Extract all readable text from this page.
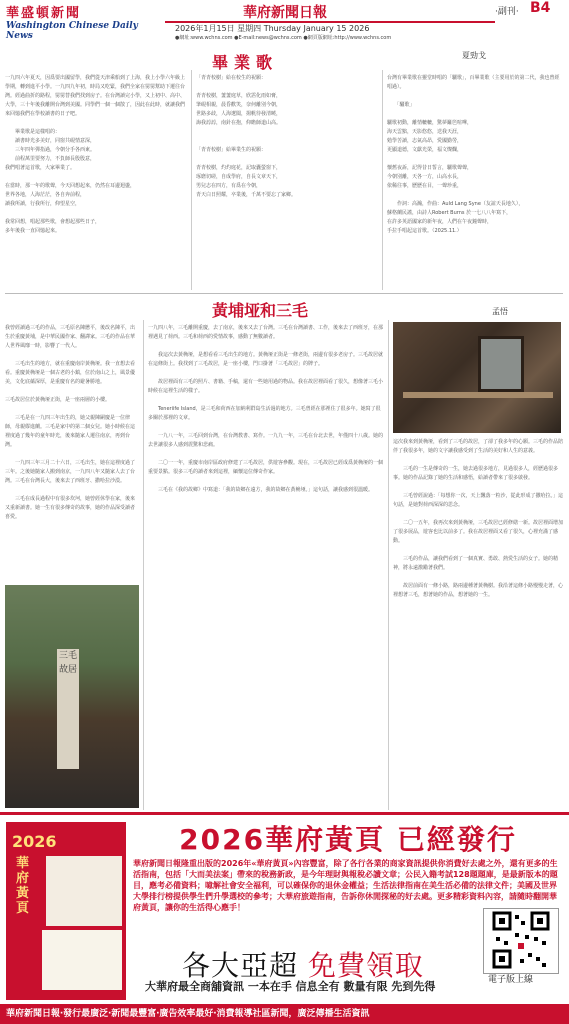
華盛頓新聞
Washington Chinese Daily News
華府新聞日報
2026年1月15日 星期四 Thursday January 15 2026
●網址:www.wchns.com ●E-mail:news@wchns.com ●網頁版網址:http://www.wchns.com
‧副刊‧ B4
畢業歌	夏勁戈
一九四六年夏天，因爲要出國留學，我們從天津乘船到了上海，我上小學六年級上學期，轉到進平小學。一九四九年初，時局又吃緊，我們全家在舅舅幫助下遷往台灣。經過曲折的路程，舅舅替我們找到房子。在台灣讀完小學，又上初中、高中、大學，三十年後我離開台灣到美國。同學們一個一個散了，因此在此時，就讓我們來回憶我們在學校讀書的日子吧。

　　畢業歌是這樣唱的：
　　讀書時光多美好，同窗共硯情意深，
　　三年四年彈指過，今朝分手各西東。
　　前程萬里要努力，不負師長殷殷意，
我們唱著這首歌，大家畢業了。

在當時，那一年的歌聲，今天回想起來，仍然在耳邊迴盪，
世界各地，人海茫茫，各自奔前程，
讀我所讀，行我所行，仰望星空，

我常回想，唱起那些歌，會想起那些日子，
多年後我一直回憶起來。
「青青校樹」給在校生的祝願：

青青校樹，萋萋庭草，欣霑化雨如膏，
筆硯相親，晨昏歡笑，奈何離別今朝，
世路多歧，人海遼闊，揚帆待發清曉，
誨我諄諄，南針在抱，仰瞻師道山高。

「青青校樹」給畢業生的祝願：

青青校樹，灼灼庭花，記取囊螢窗下，
琢磨切磋，自成學府，自長文章天下，
男兒志在四方，有爲在今朝，
青天白日照耀，卒業後，千萬不要忘了家鄉。
台灣有畢業歌在靈堂時唱的「驪歌」，百畢業歌（主要用於的第二代，我也曾經唱過）。

　　「驪歌」

驪歌初動，離情轆轆，驚夢籬笆喧嘩，
海天雲黯，天影悠悠，送我天涯，
勉學苦讀，志氣高昂，愛國勤勞，
更顯道德，文獻光榮，福文燦爛，

懷舊夜訴，記得昔日誓言，驪歌聲聲，
今朝別離，天各一方，山高水長，
依稀往事，歷歷在目，一聲珍重，

　　作詞：高瀚，作曲：Auld Lang Syne（友誼天長地久），
蘇格蘭民謠，由詩人Robert Burns 於一七八八年寫下，
在許多英語國家的新年夜，人們在午夜鐘聲時，
手拉手唱起這首歌。（2025.11.）
黃埔垭和三毛	孟悟
我曾經讀過三毛的作品，三毛原名陳懋平，後改名陳平，出生於重慶黃埔，是中華民國作家、翻譯家。三毛的作品在華人世界風靡一時，影響了一代人。

　　三毛出生的地方，就在重慶南岸黃桷垭。我一直想去看看。重慶黃桷垭是一個古老的小鎮，位於南山之上，風景優美，文化底蘊深厚，是重慶有名的避暑勝地。

三毛故居位於黃桷垭正街，是一座兩層的小樓。

　　三毛是在一九四三年出生的，她父親陳嗣慶是一位律師，母親繆進蘭。三毛是家中的第二個女兒。她小時候在這裡度過了幾年的童年時光，後來隨家人遷往南京，再到台灣。

　　一九四三年三月二十六日，三毛出生，她在這裡度過了三年。之後她隨家人搬到南京，一九四八年又隨家人去了台灣。三毛在台灣長大，後來去了西班牙、撒哈拉沙漠。

　　三毛在成長過程中有很多坎坷，她曾經休學在家，後來又重新讀書。她一生有很多傳奇的故事，她的作品深受讀者喜愛。
三毛故居
一九四八年，三毛離開重慶，去了南京，後來又去了台灣。三毛在台灣讀書、工作，後來去了西班牙，在那裡遇見了荷西。三毛和荷西的愛情故事，感動了無數讀者。

　　我這次去黃桷垭，是想看看三毛出生的地方。黃桷垭正街是一條老街，兩邊有很多老房子。三毛故居就在這條街上。我找到了三毛故居，是一座小樓，門口掛著「三毛故居」的牌子。

　　故居裡面有三毛的照片、書籍、手稿，還有一些她用過的物品。我在故居裡面看了很久，想像著三毛小時候在這裡生活的樣子。

　　Teneriife Island，是三毛和荷西在加納利群島生活過的地方。三毛曾經在那裡住了很多年。她寫了很多關於那裡的文章。

　　一九八一年，三毛回到台灣，在台灣教書、寫作。一九九一年，三毛在台北去世，年僅四十八歲。她的去世讓很多人感到震驚和悲痛。

　　二〇一一年，重慶市南岸區政府修建了三毛故居，供遊客參觀。現在，三毛故居已經成爲黃桷垭的一個重要景點。很多三毛的讀者來到這裡，緬懷這位傳奇作家。

　　三毛在《我的故鄉》中寫道：「我的故鄉在遠方，我的故鄉在黃桷垭。」這句話，讓我感到很溫暖。
這次我來到黃桷垭，看到了三毛的故居，了卻了我多年的心願。三毛的作品陪伴了我很多年，她的文字讓我感受到了生活的美好和人生的意義。

　　三毛的一生是傳奇的一生，她去過很多地方，見過很多人，經歷過很多事。她的作品記錄了她的生活和感悟，給讀者帶來了很多啟發。

　　三毛曾經說過：「每想你一次，天上飄落一粒沙，從此形成了撒哈拉。」這句話，是她對荷西深深的思念。

　　二〇一五年，我再次來到黃桷垭，三毛故居已經修繕一新。故居裡面增加了很多展品，遊客也比以前多了。我在故居裡面又看了很久，心裡充滿了感動。

　　三毛的作品，讓我們看到了一個真實、勇敢、熱愛生活的女子。她的精神，將永遠激勵著我們。

　　故居前面有一條小路，路兩邊種著黃桷樹。我沿著這條小路慢慢走著，心裡想著三毛，想著她的作品，想著她的一生。
2026
華府黃頁
2026華府黃頁 已經發行
華府新聞日報隆重出版的2026年«華府黃頁»內容豐富，除了各行各業的商家資訊提供你消費好去處之外，還有更多的生活指南，包括「大而美法案」帶來的稅務新政，是今年理財與報稅必讀文章；公民入籍考試128題題庫，是最新版本的題目，應考必備資料；噫解社會安全福利，可以確保你的退休金權益；生活法律指南在美生活必備的法律文件；美國及世界大學排行榜提供學生們升學選校的參考；大華府旅遊指南，告訴你休閒探秘的好去處。更多精彩資料內容，請隨時翻開華府黃頁，讓你的生活得心應手！
各大亞超 免費領取	電子版上線
大華府最全商舖資訊 一本在手 信息全有 數量有限 先到先得
華府新聞日報‧發行最廣泛‧新聞最豐富‧廣告效率最好‧消費報導社區新聞，廣泛傳播生活資訊
